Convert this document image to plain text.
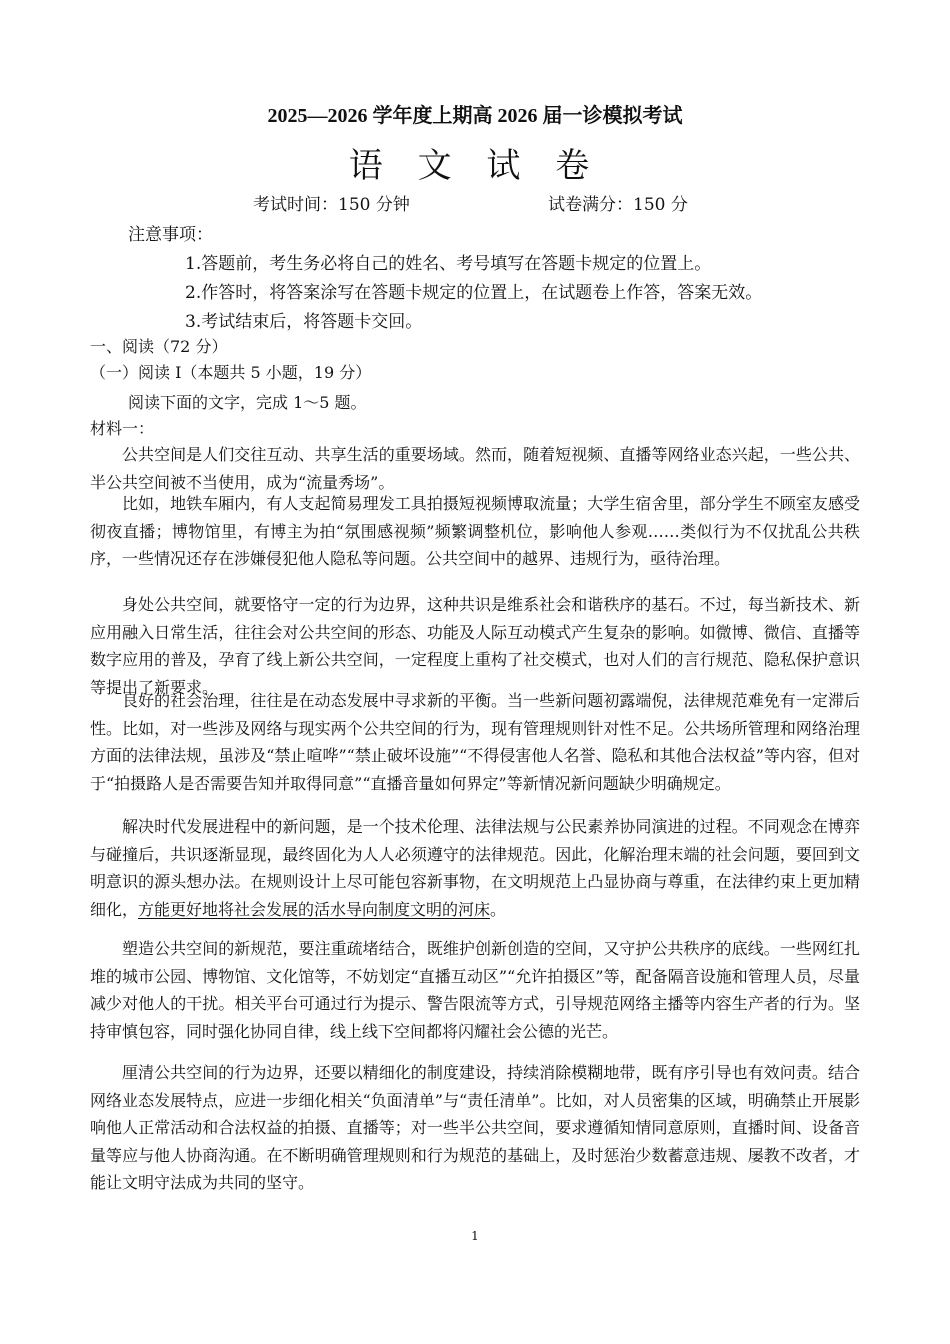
2025—2026 学年度上期高 2026 届一诊模拟考试
语 文 试 卷
考试时间：150 分钟	试卷满分：150 分
注意事项：
1.答题前，考生务必将自己的姓名、考号填写在答题卡规定的位置上。
2.作答时，将答案涂写在答题卡规定的位置上，在试题卷上作答，答案无效。
3.考试结束后，将答题卡交回。
一、阅读（72 分）
（一）阅读 I（本题共 5 小题，19 分）
阅读下面的文字，完成 1～5 题。
材料一：

公共空间是人们交往互动、共享生活的重要场域。然而，随着短视频、直播等网络业态兴起，一些公共、半公共空间被不当使用，成为“流量秀场”。

比如，地铁车厢内，有人支起简易理发工具拍摄短视频博取流量；大学生宿舍里，部分学生不顾室友感受彻夜直播；博物馆里，有博主为拍“氛围感视频”频繁调整机位，影响他人参观……类似行为不仅扰乱公共秩序，一些情况还存在涉嫌侵犯他人隐私等问题。公共空间中的越界、违规行为，亟待治理。

身处公共空间，就要恪守一定的行为边界，这种共识是维系社会和谐秩序的基石。不过，每当新技术、新应用融入日常生活，往往会对公共空间的形态、功能及人际互动模式产生复杂的影响。如微博、微信、直播等数字应用的普及，孕育了线上新公共空间，一定程度上重构了社交模式，也对人们的言行规范、隐私保护意识等提出了新要求。

良好的社会治理，往往是在动态发展中寻求新的平衡。当一些新问题初露端倪，法律规范难免有一定滞后性。比如，对一些涉及网络与现实两个公共空间的行为，现有管理规则针对性不足。公共场所管理和网络治理方面的法律法规，虽涉及“禁止喧哗”“禁止破坏设施”“不得侵害他人名誉、隐私和其他合法权益”等内容，但对于“拍摄路人是否需要告知并取得同意”“直播音量如何界定”等新情况新问题缺少明确规定。

解决时代发展进程中的新问题，是一个技术伦理、法律法规与公民素养协同演进的过程。不同观念在博弈与碰撞后，共识逐渐显现，最终固化为人人必须遵守的法律规范。因此，化解治理末端的社会问题，要回到文明意识的源头想办法。在规则设计上尽可能包容新事物，在文明规范上凸显协商与尊重，在法律约束上更加精细化，方能更好地将社会发展的活水导向制度文明的河床。

塑造公共空间的新规范，要注重疏堵结合，既维护创新创造的空间，又守护公共秩序的底线。一些网红扎堆的城市公园、博物馆、文化馆等，不妨划定“直播互动区”“允许拍摄区”等，配备隔音设施和管理人员，尽量减少对他人的干扰。相关平台可通过行为提示、警告限流等方式，引导规范网络主播等内容生产者的行为。坚持审慎包容，同时强化协同自律，线上线下空间都将闪耀社会公德的光芒。

厘清公共空间的行为边界，还要以精细化的制度建设，持续消除模糊地带，既有序引导也有效问责。结合网络业态发展特点，应进一步细化相关“负面清单”与“责任清单”。比如，对人员密集的区域，明确禁止开展影响他人正常活动和合法权益的拍摄、直播等；对一些半公共空间，要求遵循知情同意原则，直播时间、设备音量等应与他人协商沟通。在不断明确管理规则和行为规范的基础上，及时惩治少数蓄意违规、屡教不改者，才能让文明守法成为共同的坚守。

1
